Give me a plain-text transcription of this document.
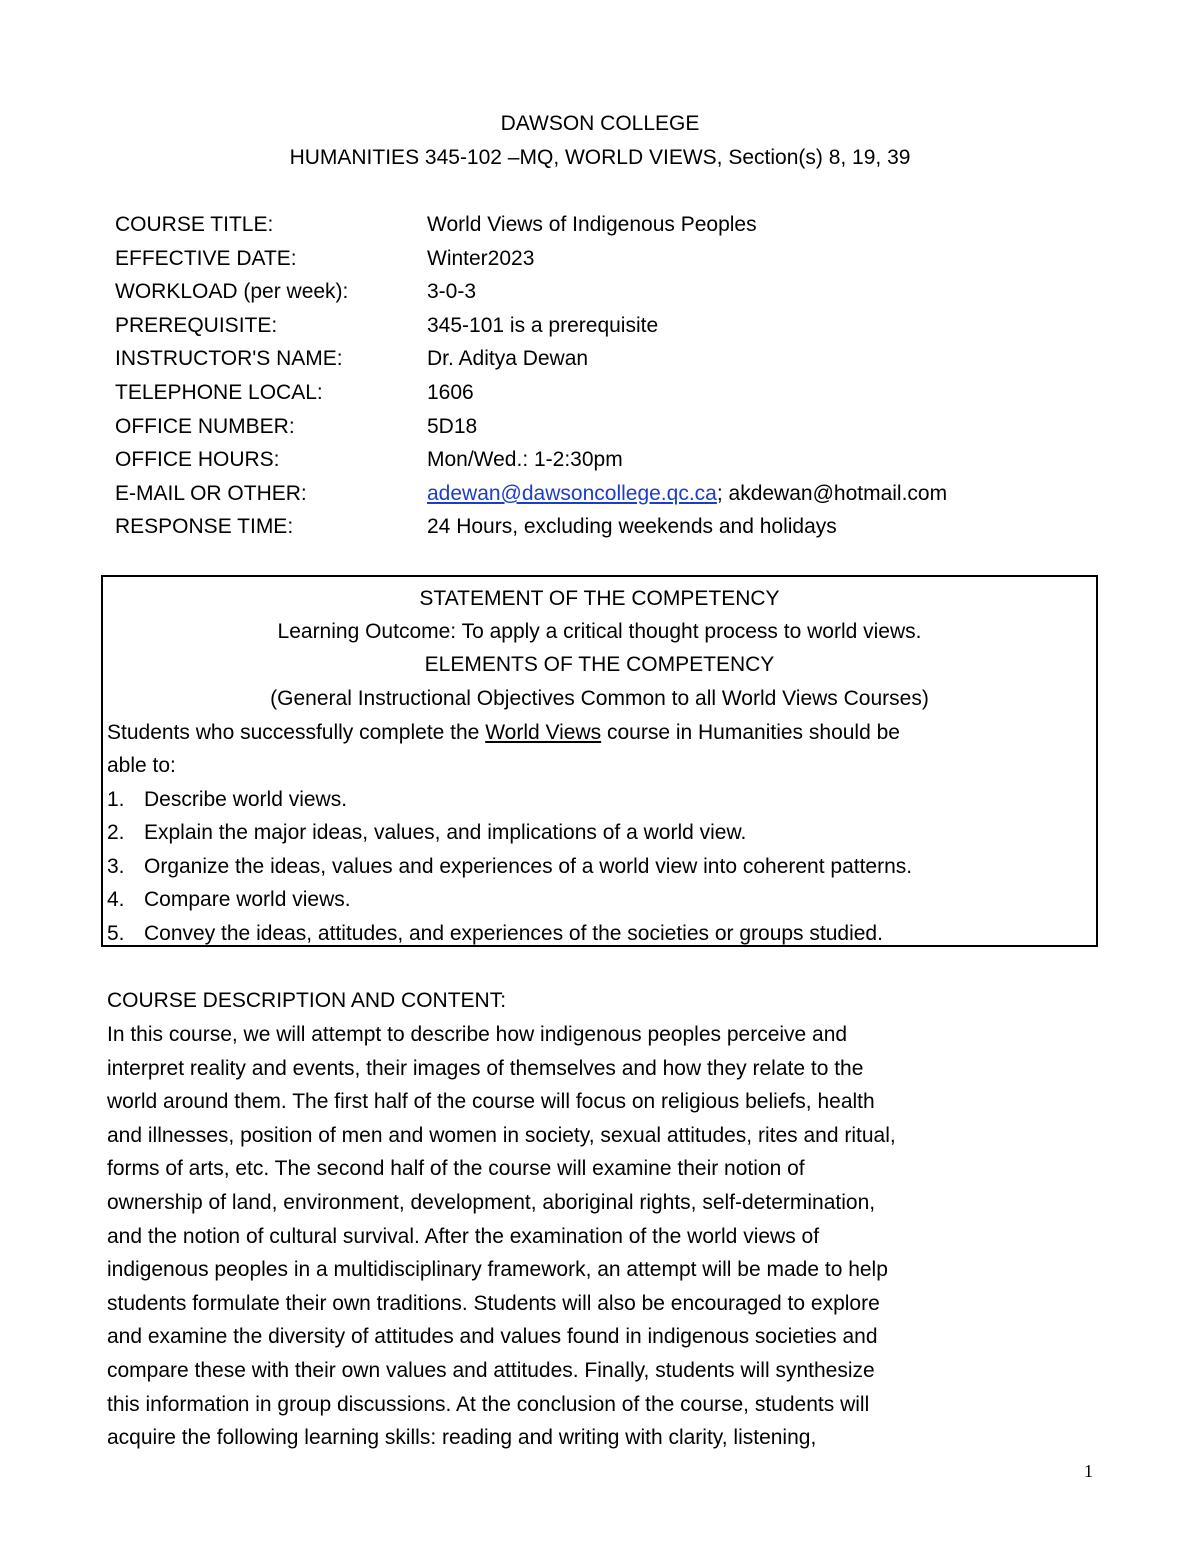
DAWSON COLLEGE
HUMANITIES 345-102 –MQ, WORLD VIEWS, Section(s) 8, 19, 39
COURSE TITLE:	World Views of Indigenous Peoples
EFFECTIVE DATE:	Winter2023
WORKLOAD (per week):	3-0-3
PREREQUISITE:	345-101 is a prerequisite
INSTRUCTOR'S NAME:	Dr. Aditya Dewan
TELEPHONE LOCAL:	1606
OFFICE NUMBER:	5D18
OFFICE HOURS:	Mon/Wed.: 1-2:30pm
E-MAIL OR OTHER:	adewan@dawsoncollege.qc.ca; akdewan@hotmail.com
RESPONSE TIME:	24 Hours, excluding weekends and holidays
STATEMENT OF THE COMPETENCY
Learning Outcome: To apply a critical thought process to world views.
ELEMENTS OF THE COMPETENCY
(General Instructional Objectives Common to all World Views Courses)
Students who successfully complete the World Views course in Humanities should be
able to:
1. Describe world views.
2. Explain the major ideas, values, and implications of a world view.
3. Organize the ideas, values and experiences of a world view into coherent patterns.
4. Compare world views.
5. Convey the ideas, attitudes, and experiences of the societies or groups studied.
COURSE DESCRIPTION AND CONTENT:
In this course, we will attempt to describe how indigenous peoples perceive and
interpret reality and events, their images of themselves and how they relate to the
world around them. The first half of the course will focus on religious beliefs, health
and illnesses, position of men and women in society, sexual attitudes, rites and ritual,
forms of arts, etc. The second half of the course will examine their notion of
ownership of land, environment, development, aboriginal rights, self-determination,
and the notion of cultural survival. After the examination of the world views of
indigenous peoples in a multidisciplinary framework, an attempt will be made to help
students formulate their own traditions. Students will also be encouraged to explore
and examine the diversity of attitudes and values found in indigenous societies and
compare these with their own values and attitudes. Finally, students will synthesize
this information in group discussions. At the conclusion of the course, students will
acquire the following learning skills: reading and writing with clarity, listening,
1
